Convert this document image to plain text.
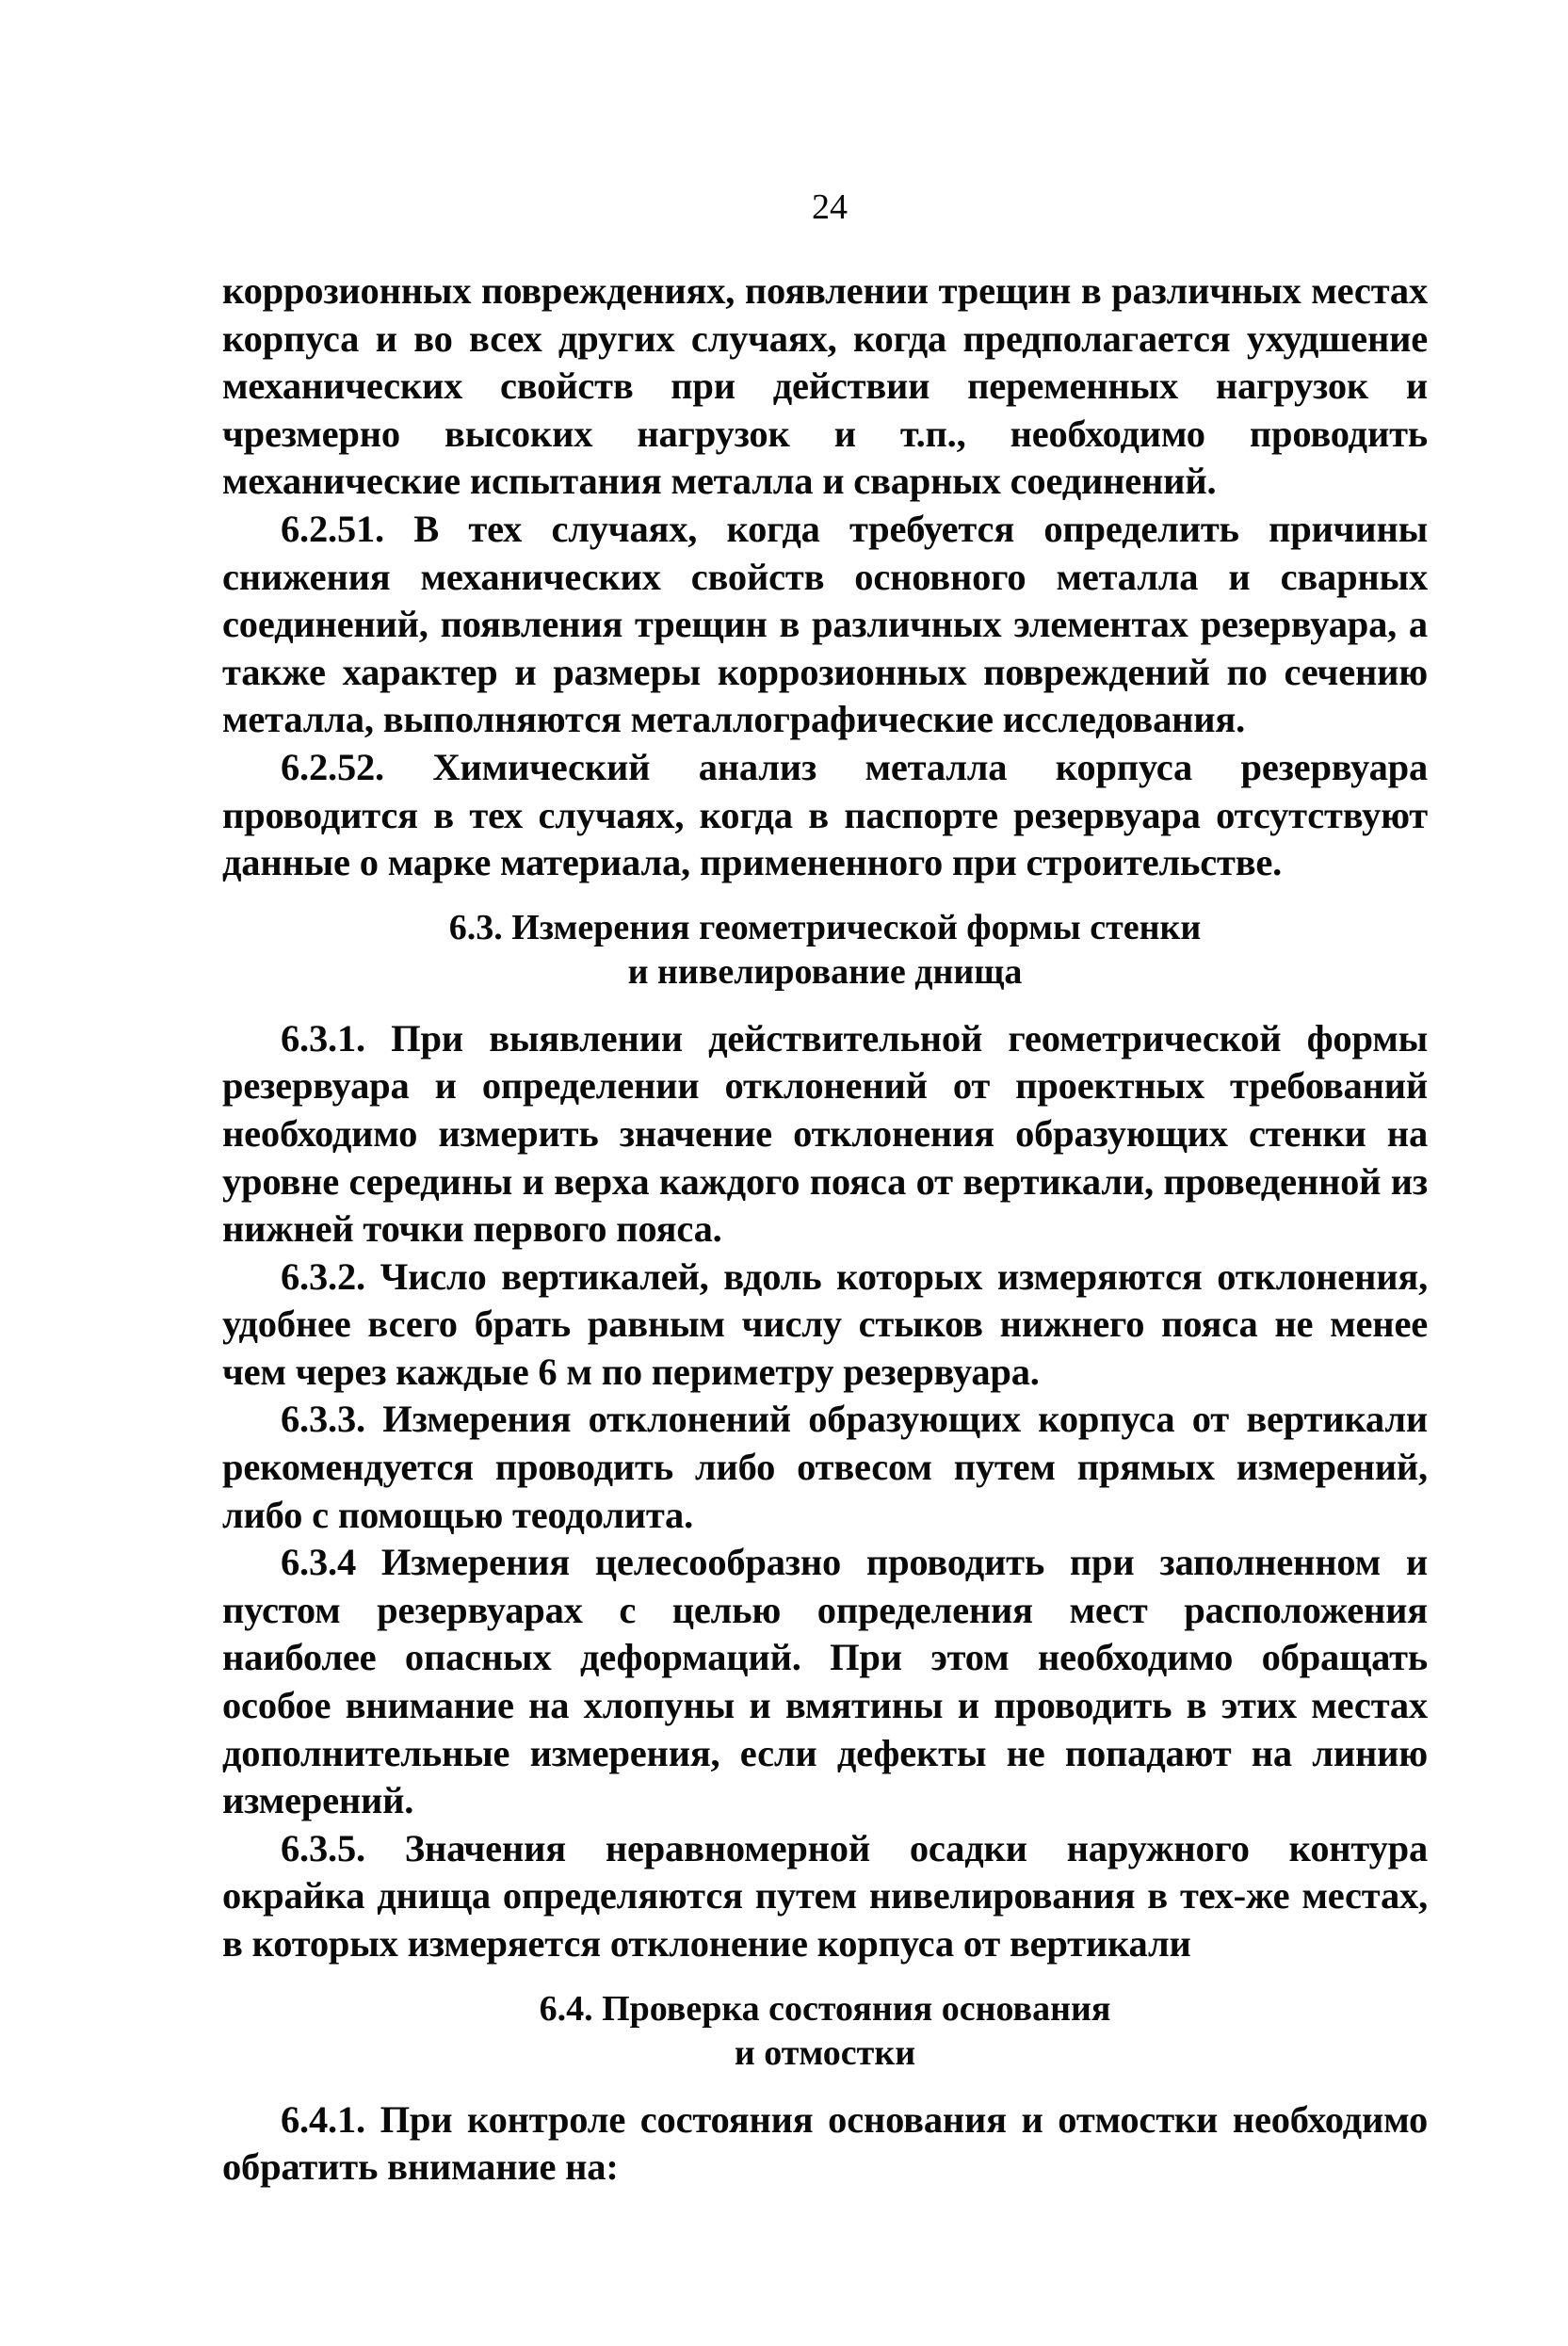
24

коррозионных повреждениях, появлении трещин в различных местах корпуса и во всех других случаях, когда предполагается ухудшение механических свойств при действии переменных нагрузок и чрезмерно высоких нагрузок и т.п., необходимо проводить механические испытания металла и сварных соединений.

6.2.51. В тех случаях, когда требуется определить причины снижения механических свойств основного металла и сварных соединений, появления трещин в различных элементах резервуара, а также характер и размеры коррозионных повреждений по сечению металла, выполняются металлографические исследования.

6.2.52. Химический анализ металла корпуса резервуара проводится в тех случаях, когда в паспорте резервуара отсутствуют данные о марке материала, примененного при строительстве.

6.3. Измерения геометрической формы стенки
и нивелирование днища

6.3.1. При выявлении действительной геометрической формы резервуара и определении отклонений от проектных требований необходимо измерить значение отклонения образующих стенки на уровне середины и верха каждого пояса от вертикали, проведенной из нижней точки первого пояса.

6.3.2. Число вертикалей, вдоль которых измеряются отклонения, удобнее всего брать равным числу стыков нижнего пояса не менее чем через каждые 6 м по периметру резервуара.

6.3.3. Измерения отклонений образующих корпуса от вертикали рекомендуется проводить либо отвесом путем прямых измерений, либо с помощью теодолита.

6.3.4 Измерения целесообразно проводить при заполненном и пустом резервуарах с целью определения мест расположения наиболее опасных деформаций. При этом необходимо обращать особое внимание на хлопуны и вмятины и проводить в этих местах дополнительные измерения, если дефекты не попадают на линию измерений.

6.3.5. Значения неравномерной осадки наружного контура окрайка днища определяются путем нивелирования в тех-же местах, в которых измеряется отклонение корпуса от вертикали

6.4. Проверка состояния основания
и отмостки

6.4.1. При контроле состояния основания и отмостки необходимо обратить внимание на:
